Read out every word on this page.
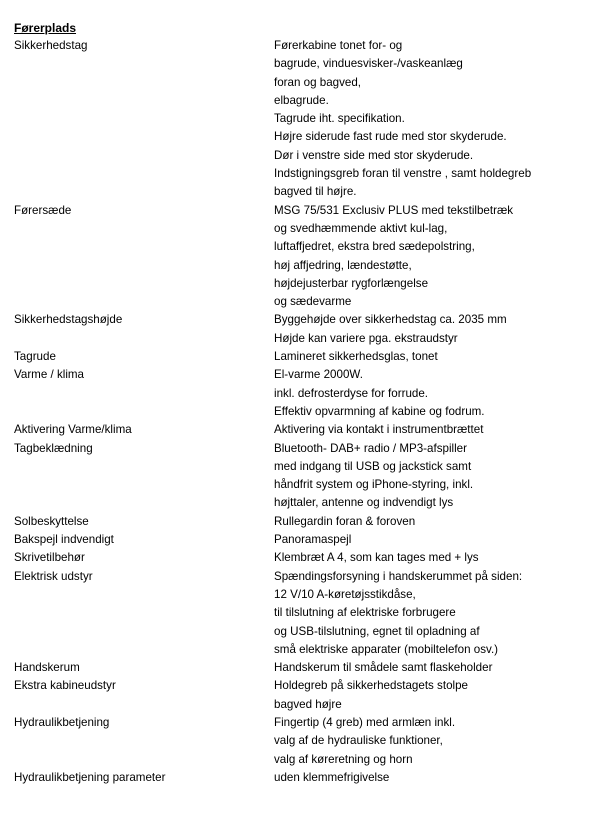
Førerplads
Sikkerhedstag	Førerkabine tonet for- og
bagrude, vinduesvisker-/vaskeanlæg
foran og bagved,
elbagrude.
Tagrude iht. specifikation.
Højre siderude fast rude med stor skyderude.
Dør i venstre side med stor skyderude.
Indstigningsgreb foran til venstre , samt holdegreb
bagved til højre.
Førersæde	MSG 75/531 Exclusiv PLUS med tekstilbetræk
og svedhæmmende aktivt kul-lag,
luftaffjedret, ekstra bred sædepolstring,
høj affjedring, lændestøtte,
højdejusterbar rygforlængelse
og sædevarme
Sikkerhedstagshøjde	Byggehøjde over sikkerhedstag ca. 2035 mm
Højde kan variere pga. ekstraudstyr
Tagrude	Lamineret sikkerhedsglas, tonet
Varme / klima	El-varme 2000W.
inkl. defrosterdyse for forrude.
Effektiv opvarmning af kabine og fodrum.
Aktivering Varme/klima	Aktivering via kontakt i instrumentbrættet
Tagbeklædning	Bluetooth- DAB+ radio / MP3-afspiller
med indgang til USB og jackstick samt
håndfrit system og iPhone-styring, inkl.
højttaler, antenne og indvendigt lys
Solbeskyttelse	Rullegardin foran & foroven
Bakspejl indvendigt	Panoramaspejl
Skrivetilbehør	Klembræt A 4, som kan tages med + lys
Elektrisk udstyr	Spændingsforsyning i handskerummet på siden:
12 V/10 A-køretøjsstikdåse,
til tilslutning af elektriske forbrugere
og USB-tilslutning, egnet til opladning af
små elektriske apparater (mobiltelefon osv.)
Handskerum	Handskerum til smådele samt flaskeholder
Ekstra kabineudstyr	Holdegreb på sikkerhedstagets stolpe
bagved højre
Hydraulikbetjening	Fingertip (4 greb) med armlæn inkl.
valg af de hydrauliske funktioner,
valg af køreretning og horn
Hydraulikbetjening parameter	uden klemmefrigivelse
